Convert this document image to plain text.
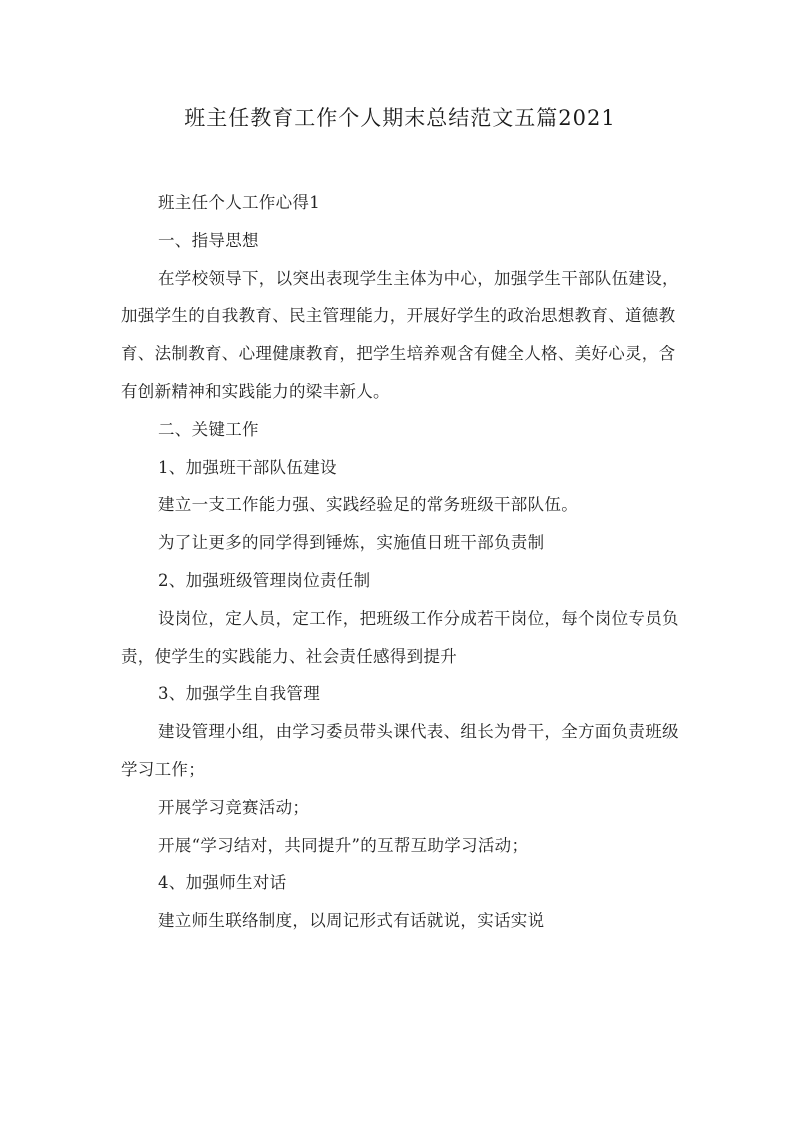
班主任教育工作个人期末总结范文五篇2021

班主任个人工作心得1

一、指导思想

在学校领导下，以突出表现学生主体为中心，加强学生干部队伍建设，加强学生的自我教育、民主管理能力，开展好学生的政治思想教育、道德教育、法制教育、心理健康教育，把学生培养观含有健全人格、美好心灵，含有创新精神和实践能力的梁丰新人。

二、关键工作

1、加强班干部队伍建设

建立一支工作能力强、实践经验足的常务班级干部队伍。

为了让更多的同学得到锤炼，实施值日班干部负责制

2、加强班级管理岗位责任制

设岗位，定人员，定工作，把班级工作分成若干岗位，每个岗位专员负责，使学生的实践能力、社会责任感得到提升

3、加强学生自我管理

建设管理小组，由学习委员带头课代表、组长为骨干，全方面负责班级学习工作；

开展学习竞赛活动；

开展“学习结对，共同提升”的互帮互助学习活动；

4、加强师生对话

建立师生联络制度，以周记形式有话就说，实话实说
